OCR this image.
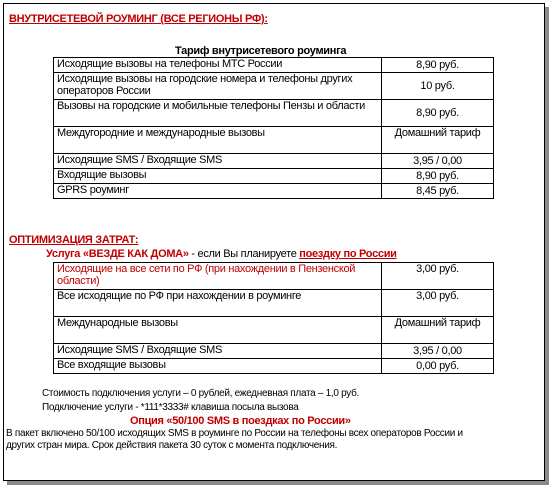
ВНУТРИСЕТЕВОЙ РОУМИНГ (ВСЕ РЕГИОНЫ РФ):
Тариф внутрисетевого роуминга
Исходящие вызовы на телефоны МТС России	8,90 руб.
Исходящие вызовы на городские номера и телефоны других операторов России	10 руб.
Вызовы на городские и мобильные телефоны Пензы и области	8,90 руб.
Междугородние и международные вызовы	Домашний тариф
Исходящие SMS / Входящие SMS	3,95 / 0,00
Входящие вызовы	8,90 руб.
GPRS роуминг	8,45 руб.
ОПТИМИЗАЦИЯ ЗАТРАТ:
Услуга «ВЕЗДЕ КАК ДОМА» - если Вы планируете поездку по России
Исходящие на все сети по РФ (при нахождении в Пензенской области)	3,00 руб.
Все исходящие по РФ при нахождении в роуминге	3,00 руб.
Международные вызовы	Домашний тариф
Исходящие SMS / Входящие SMS	3,95 / 0,00
Все входящие вызовы	0,00 руб.
Стоимость подключения услуги – 0 рублей, ежедневная плата – 1,0 руб.
Подключение услуги - *111*3333# клавиша посыла вызова
Опция «50/100 SMS в поездках по России»
В пакет включено 50/100 исходящих SMS в роуминге по России на телефоны всех операторов России и других стран мира. Срок действия пакета 30 суток с момента подключения.
